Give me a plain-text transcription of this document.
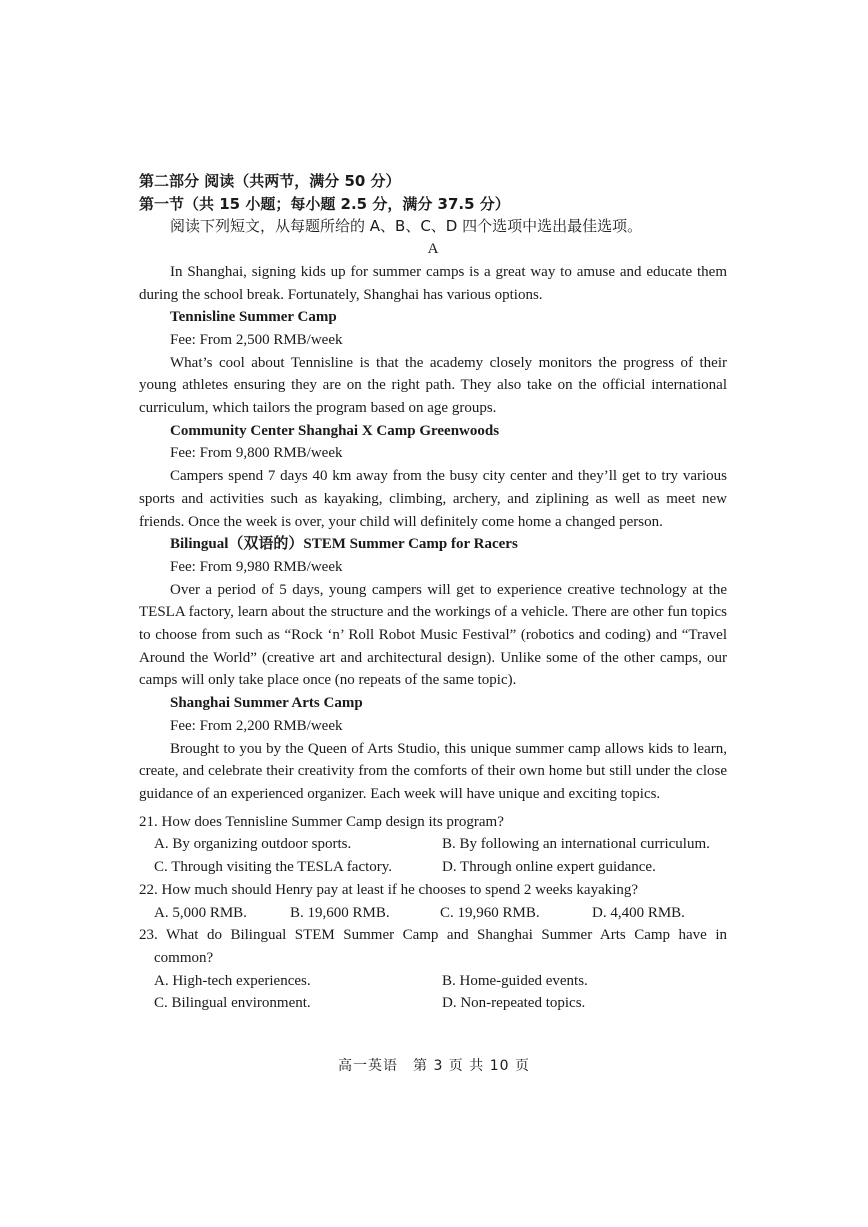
第二部分 阅读（共两节，满分 50 分）

第一节（共 15 小题；每小题 2.5 分，满分 37.5 分）

阅读下列短文，从每题所给的 A、B、C、D 四个选项中选出最佳选项。

A

In Shanghai, signing kids up for summer camps is a great way to amuse and educate them during the school break. Fortunately, Shanghai has various options.

Tennisline Summer Camp

Fee: From 2,500 RMB/week

What’s cool about Tennisline is that the academy closely monitors the progress of their young athletes ensuring they are on the right path. They also take on the official international curriculum, which tailors the program based on age groups.

Community Center Shanghai X Camp Greenwoods

Fee: From 9,800 RMB/week

Campers spend 7 days 40 km away from the busy city center and they’ll get to try various sports and activities such as kayaking, climbing, archery, and ziplining as well as meet new friends. Once the week is over, your child will definitely come home a changed person.

Bilingual（双语的）STEM Summer Camp for Racers

Fee: From 9,980 RMB/week

Over a period of 5 days, young campers will get to experience creative technology at the TESLA factory, learn about the structure and the workings of a vehicle. There are other fun topics to choose from such as “Rock ‘n’ Roll Robot Music Festival” (robotics and coding) and “Travel Around the World” (creative art and architectural design). Unlike some of the other camps, our camps will only take place once (no repeats of the same topic).

Shanghai Summer Arts Camp

Fee: From 2,200 RMB/week

Brought to you by the Queen of Arts Studio, this unique summer camp allows kids to learn, create, and celebrate their creativity from the comforts of their own home but still under the close guidance of an experienced organizer. Each week will have unique and exciting topics.

21. How does Tennisline Summer Camp design its program?

A. By organizing outdoor sports.	B. By following an international curriculum.
C. Through visiting the TESLA factory.	D. Through online expert guidance.

22. How much should Henry pay at least if he chooses to spend 2 weeks kayaking?

A. 5,000 RMB.	B. 19,600 RMB.	C. 19,960 RMB.	D. 4,400 RMB.

23. What do Bilingual STEM Summer Camp and Shanghai Summer Arts Camp have in common?

A. High-tech experiences.	B. Home-guided events.
C. Bilingual environment.	D. Non-repeated topics.
高一英语　第 3 页 共 10 页
